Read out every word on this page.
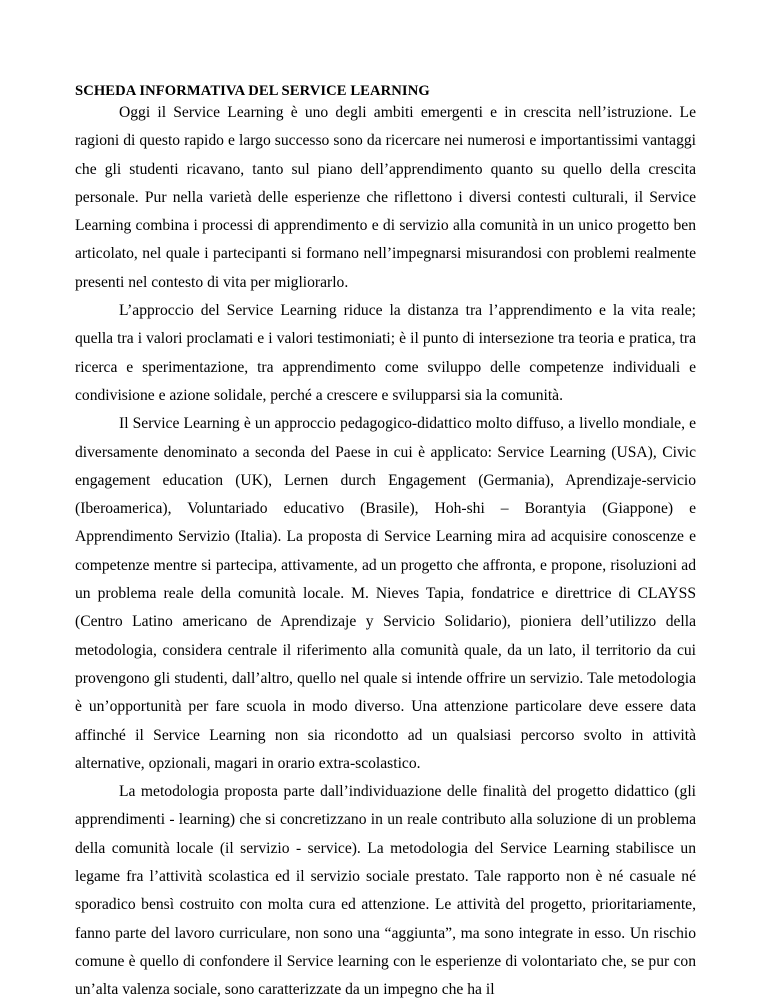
SCHEDA INFORMATIVA DEL SERVICE LEARNING

Oggi il Service Learning è uno degli ambiti emergenti e in crescita nell’istruzione. Le ragioni di questo rapido e largo successo sono da ricercare nei numerosi e importantissimi vantaggi che gli studenti ricavano, tanto sul piano dell’apprendimento quanto su quello della crescita personale. Pur nella varietà delle esperienze che riflettono i diversi contesti culturali, il Service Learning combina i processi di apprendimento e di servizio alla comunità in un unico progetto ben articolato, nel quale i partecipanti si formano nell’impegnarsi misurandosi con problemi realmente presenti nel contesto di vita per migliorarlo.

L’approccio del Service Learning riduce la distanza tra l’apprendimento e la vita reale; quella tra i valori proclamati e i valori testimoniati; è il punto di intersezione tra teoria e pratica, tra ricerca e sperimentazione, tra apprendimento come sviluppo delle competenze individuali e condivisione e azione solidale, perché a crescere e svilupparsi sia la comunità.

Il Service Learning è un approccio pedagogico-didattico molto diffuso, a livello mondiale, e diversamente denominato a seconda del Paese in cui è applicato: Service Learning (USA), Civic engagement education (UK), Lernen durch Engagement (Germania), Aprendizaje-servicio (Iberoamerica), Voluntariado educativo (Brasile), Hoh-shi – Borantyia (Giappone) e Apprendimento Servizio (Italia). La proposta di Service Learning mira ad acquisire conoscenze e competenze mentre si partecipa, attivamente, ad un progetto che affronta, e propone, risoluzioni ad un problema reale della comunità locale. M. Nieves Tapia, fondatrice e direttrice di CLAYSS (Centro Latino americano de Aprendizaje y Servicio Solidario), pioniera dell’utilizzo della metodologia, considera centrale il riferimento alla comunità quale, da un lato, il territorio da cui provengono gli studenti, dall’altro, quello nel quale si intende offrire un servizio. Tale metodologia è un’opportunità per fare scuola in modo diverso. Una attenzione particolare deve essere data affinché il Service Learning non sia ricondotto ad un qualsiasi percorso svolto in attività alternative, opzionali, magari in orario extra-scolastico.

La metodologia proposta parte dall’individuazione delle finalità del progetto didattico (gli apprendimenti - learning) che si concretizzano in un reale contributo alla soluzione di un problema della comunità locale (il servizio - service). La metodologia del Service Learning stabilisce un legame fra l’attività scolastica ed il servizio sociale prestato. Tale rapporto non è né casuale né sporadico bensì costruito con molta cura ed attenzione. Le attività del progetto, prioritariamente, fanno parte del lavoro curriculare, non sono una “aggiunta”, ma sono integrate in esso. Un rischio comune è quello di confondere il Service learning con le esperienze di volontariato che, se pur con un’alta valenza sociale, sono caratterizzate da un impegno che ha il
